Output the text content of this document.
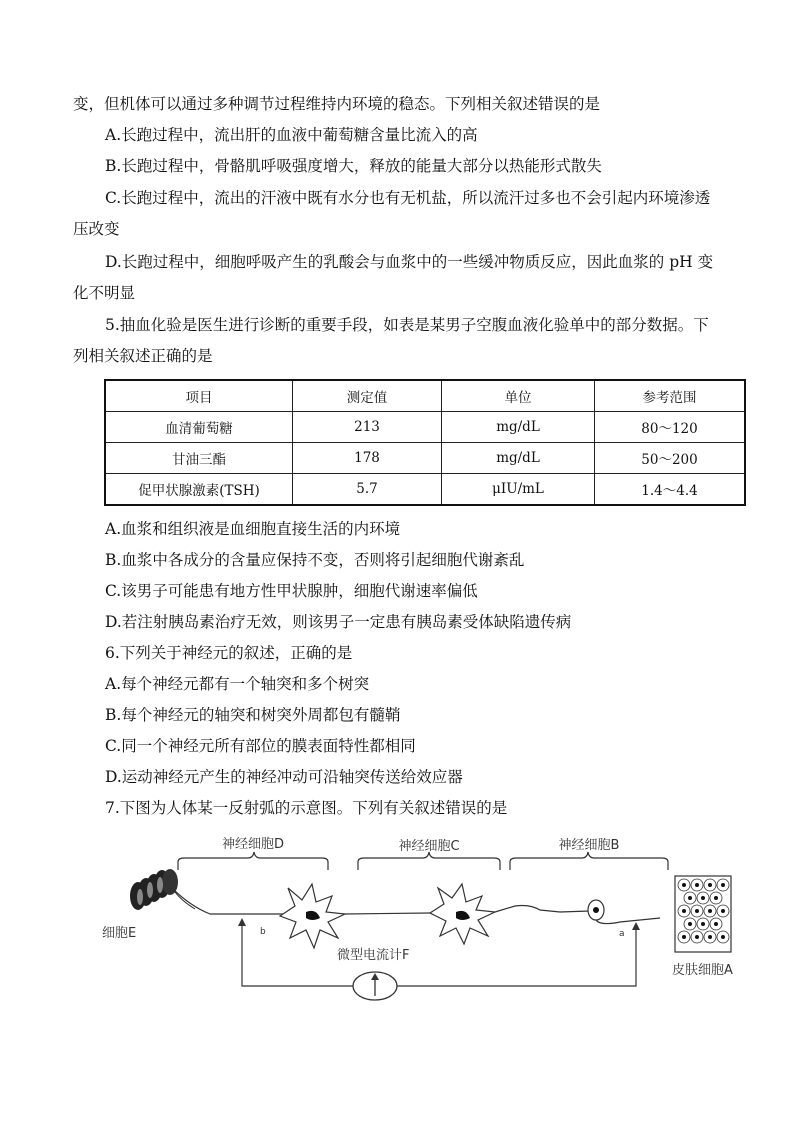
变，但机体可以通过多种调节过程维持内环境的稳态。下列相关叙述错误的是
A.长跑过程中，流出肝的血液中葡萄糖含量比流入的高
B.长跑过程中，骨骼肌呼吸强度增大，释放的能量大部分以热能形式散失
C.长跑过程中，流出的汗液中既有水分也有无机盐，所以流汗过多也不会引起内环境渗透
压改变
D.长跑过程中，细胞呼吸产生的乳酸会与血浆中的一些缓冲物质反应，因此血浆的 pH 变
化不明显
5.抽血化验是医生进行诊断的重要手段，如表是某男子空腹血液化验单中的部分数据。下
列相关叙述正确的是
项目	测定值	单位	参考范围
血清葡萄糖	213	mg/dL	80～120
甘油三酯	178	mg/dL	50～200
促甲状腺激素(TSH)	5.7	μIU/mL	1.4～4.4
A.血浆和组织液是血细胞直接生活的内环境
B.血浆中各成分的含量应保持不变，否则将引起细胞代谢紊乱
C.该男子可能患有地方性甲状腺肿，细胞代谢速率偏低
D.若注射胰岛素治疗无效，则该男子一定患有胰岛素受体缺陷遗传病
6.下列关于神经元的叙述，正确的是
A.每个神经元都有一个轴突和多个树突
B.每个神经元的轴突和树突外周都包有髓鞘
C.同一个神经元所有部位的膜表面特性都相同
D.运动神经元产生的神经冲动可沿轴突传送给效应器
7.下图为人体某一反射弧的示意图。下列有关叙述错误的是
神经细胞D	神经细胞C	神经细胞B
细胞E
皮肤细胞A
b	a
微型电流计F
